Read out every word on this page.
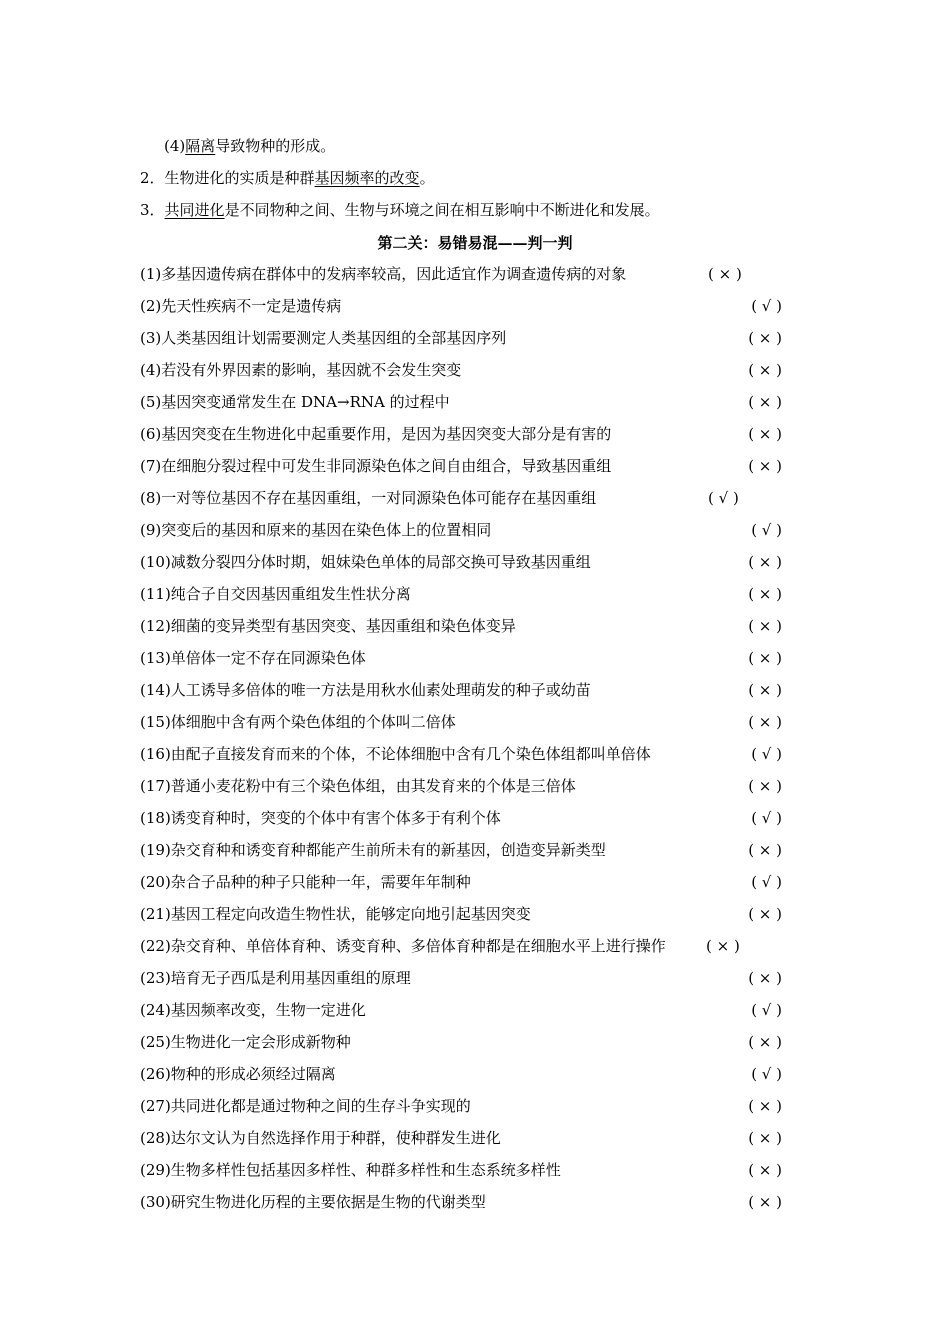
(4)隔离导致物种的形成。
2．生物进化的实质是种群基因频率的改变。
3．共同进化是不同物种之间、生物与环境之间在相互影响中不断进化和发展。
第二关：易错易混——判一判
(1)多基因遗传病在群体中的发病率较高，因此适宜作为调查遗传病的对象	( × )
(2)先天性疾病不一定是遗传病	( √ )
(3)人类基因组计划需要测定人类基因组的全部基因序列	( × )
(4)若没有外界因素的影响，基因就不会发生突变	( × )
(5)基因突变通常发生在 DNA→RNA 的过程中	( × )
(6)基因突变在生物进化中起重要作用，是因为基因突变大部分是有害的	( × )
(7)在细胞分裂过程中可发生非同源染色体之间自由组合，导致基因重组	( × )
(8)一对等位基因不存在基因重组，一对同源染色体可能存在基因重组	( √ )
(9)突变后的基因和原来的基因在染色体上的位置相同	( √ )
(10)减数分裂四分体时期，姐妹染色单体的局部交换可导致基因重组	( × )
(11)纯合子自交因基因重组发生性状分离	( × )
(12)细菌的变异类型有基因突变、基因重组和染色体变异	( × )
(13)单倍体一定不存在同源染色体	( × )
(14)人工诱导多倍体的唯一方法是用秋水仙素处理萌发的种子或幼苗	( × )
(15)体细胞中含有两个染色体组的个体叫二倍体	( × )
(16)由配子直接发育而来的个体，不论体细胞中含有几个染色体组都叫单倍体	( √ )
(17)普通小麦花粉中有三个染色体组，由其发育来的个体是三倍体	( × )
(18)诱变育种时，突变的个体中有害个体多于有利个体	( √ )
(19)杂交育种和诱变育种都能产生前所未有的新基因，创造变异新类型	( × )
(20)杂合子品种的种子只能种一年，需要年年制种	( √ )
(21)基因工程定向改造生物性状，能够定向地引起基因突变	( × )
(22)杂交育种、单倍体育种、诱变育种、多倍体育种都是在细胞水平上进行操作	( × )
(23)培育无子西瓜是利用基因重组的原理	( × )
(24)基因频率改变，生物一定进化	( √ )
(25)生物进化一定会形成新物种	( × )
(26)物种的形成必须经过隔离	( √ )
(27)共同进化都是通过物种之间的生存斗争实现的	( × )
(28)达尔文认为自然选择作用于种群，使种群发生进化	( × )
(29)生物多样性包括基因多样性、种群多样性和生态系统多样性	( × )
(30)研究生物进化历程的主要依据是生物的代谢类型	( × )
